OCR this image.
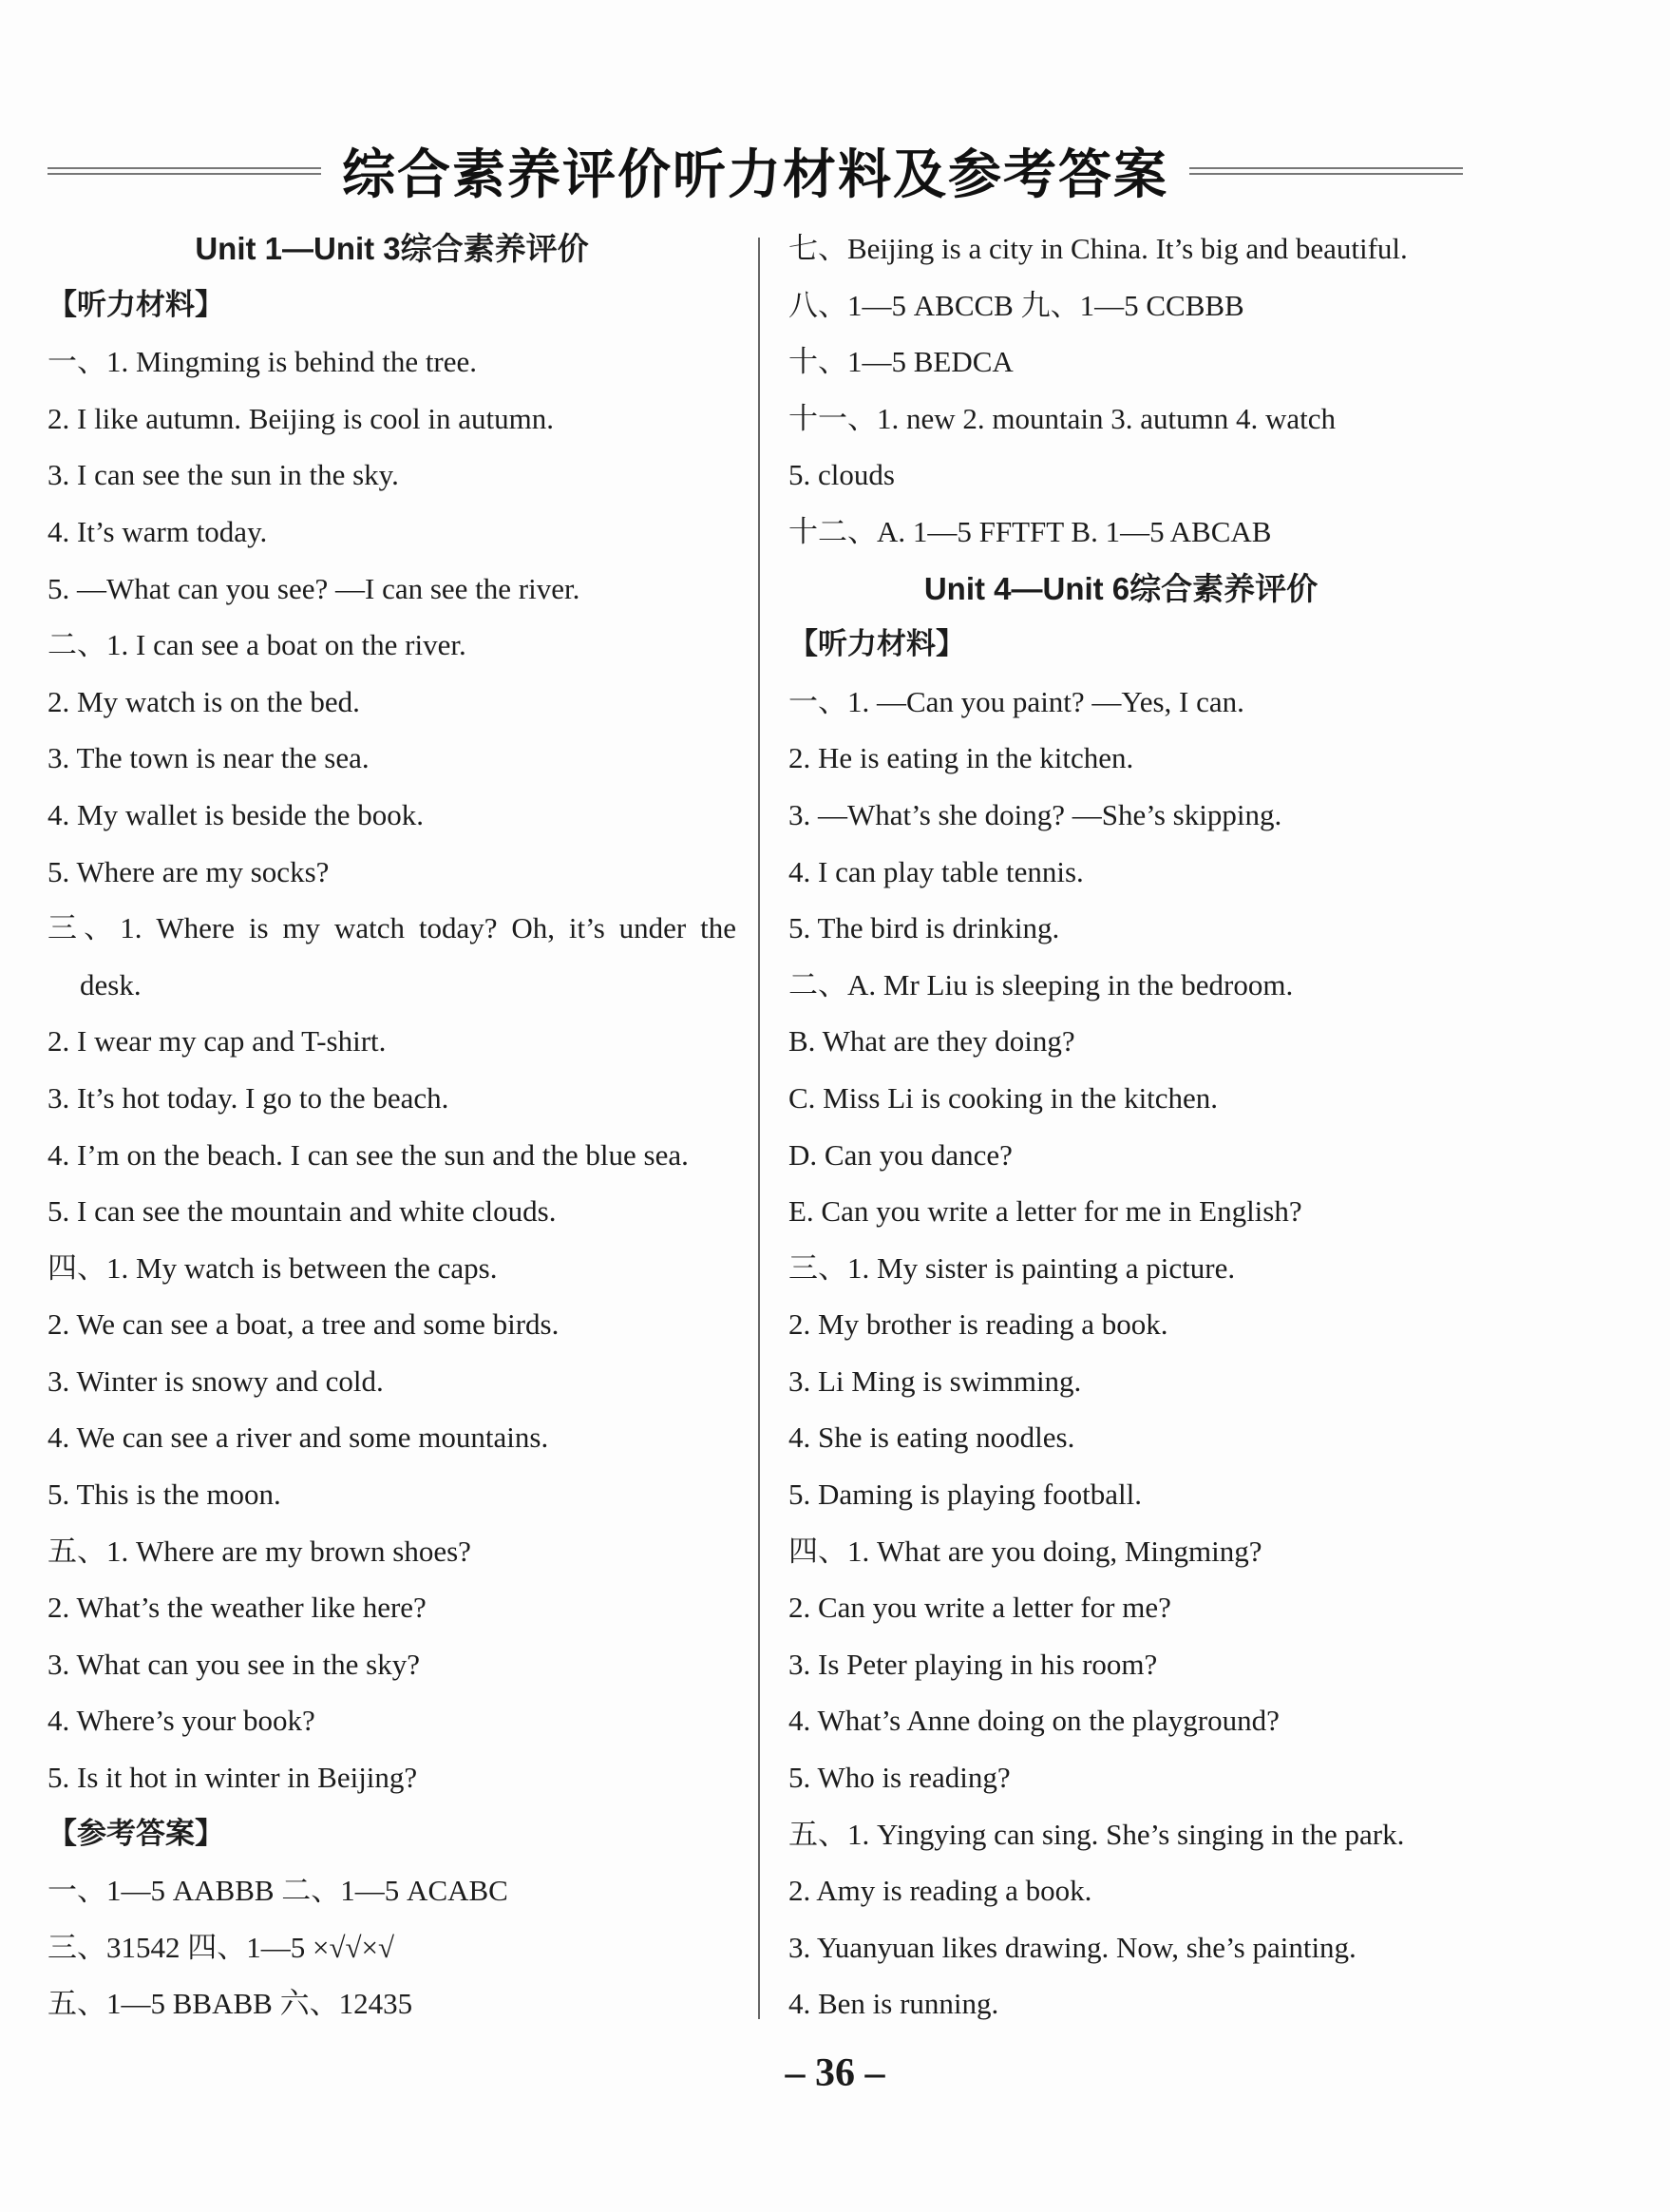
综合素养评价听力材料及参考答案
Unit 1—Unit 3综合素养评价
【听力材料】
一、1. Mingming is behind the tree.
2. I like autumn. Beijing is cool in autumn.
3. I can see the sun in the sky.
4. It’s warm today.
5. —What can you see? —I can see the river.
二、1. I can see a boat on the river.
2. My watch is on the bed.
3. The town is near the sea.
4. My wallet is beside the book.
5. Where are my socks?
三、1. Where is my watch today? Oh, it’s under the
desk.
2. I wear my cap and T-shirt.
3. It’s hot today. I go to the beach.
4. I’m on the beach. I can see the sun and the blue sea.
5. I can see the mountain and white clouds.
四、1. My watch is between the caps.
2. We can see a boat, a tree and some birds.
3. Winter is snowy and cold.
4. We can see a river and some mountains.
5. This is the moon.
五、1. Where are my brown shoes?
2. What’s the weather like here?
3. What can you see in the sky?
4. Where’s your book?
5. Is it hot in winter in Beijing?
【参考答案】
一、1—5 AABBB 二、1—5 ACABC
三、31542 四、1—5 ×√√×√
五、1—5 BBABB 六、12435
七、Beijing is a city in China. It’s big and beautiful.
八、1—5 ABCCB 九、1—5 CCBBB
十、1—5 BEDCA
十一、1. new 2. mountain 3. autumn 4. watch
5. clouds
十二、A. 1—5 FFTFT B. 1—5 ABCAB
Unit 4—Unit 6综合素养评价
【听力材料】
一、1. —Can you paint? —Yes, I can.
2. He is eating in the kitchen.
3. —What’s she doing? —She’s skipping.
4. I can play table tennis.
5. The bird is drinking.
二、A. Mr Liu is sleeping in the bedroom.
B. What are they doing?
C. Miss Li is cooking in the kitchen.
D. Can you dance?
E. Can you write a letter for me in English?
三、1. My sister is painting a picture.
2. My brother is reading a book.
3. Li Ming is swimming.
4. She is eating noodles.
5. Daming is playing football.
四、1. What are you doing, Mingming?
2. Can you write a letter for me?
3. Is Peter playing in his room?
4. What’s Anne doing on the playground?
5. Who is reading?
五、1. Yingying can sing. She’s singing in the park.
2. Amy is reading a book.
3. Yuanyuan likes drawing. Now, she’s painting.
4. Ben is running.
– 36 –
